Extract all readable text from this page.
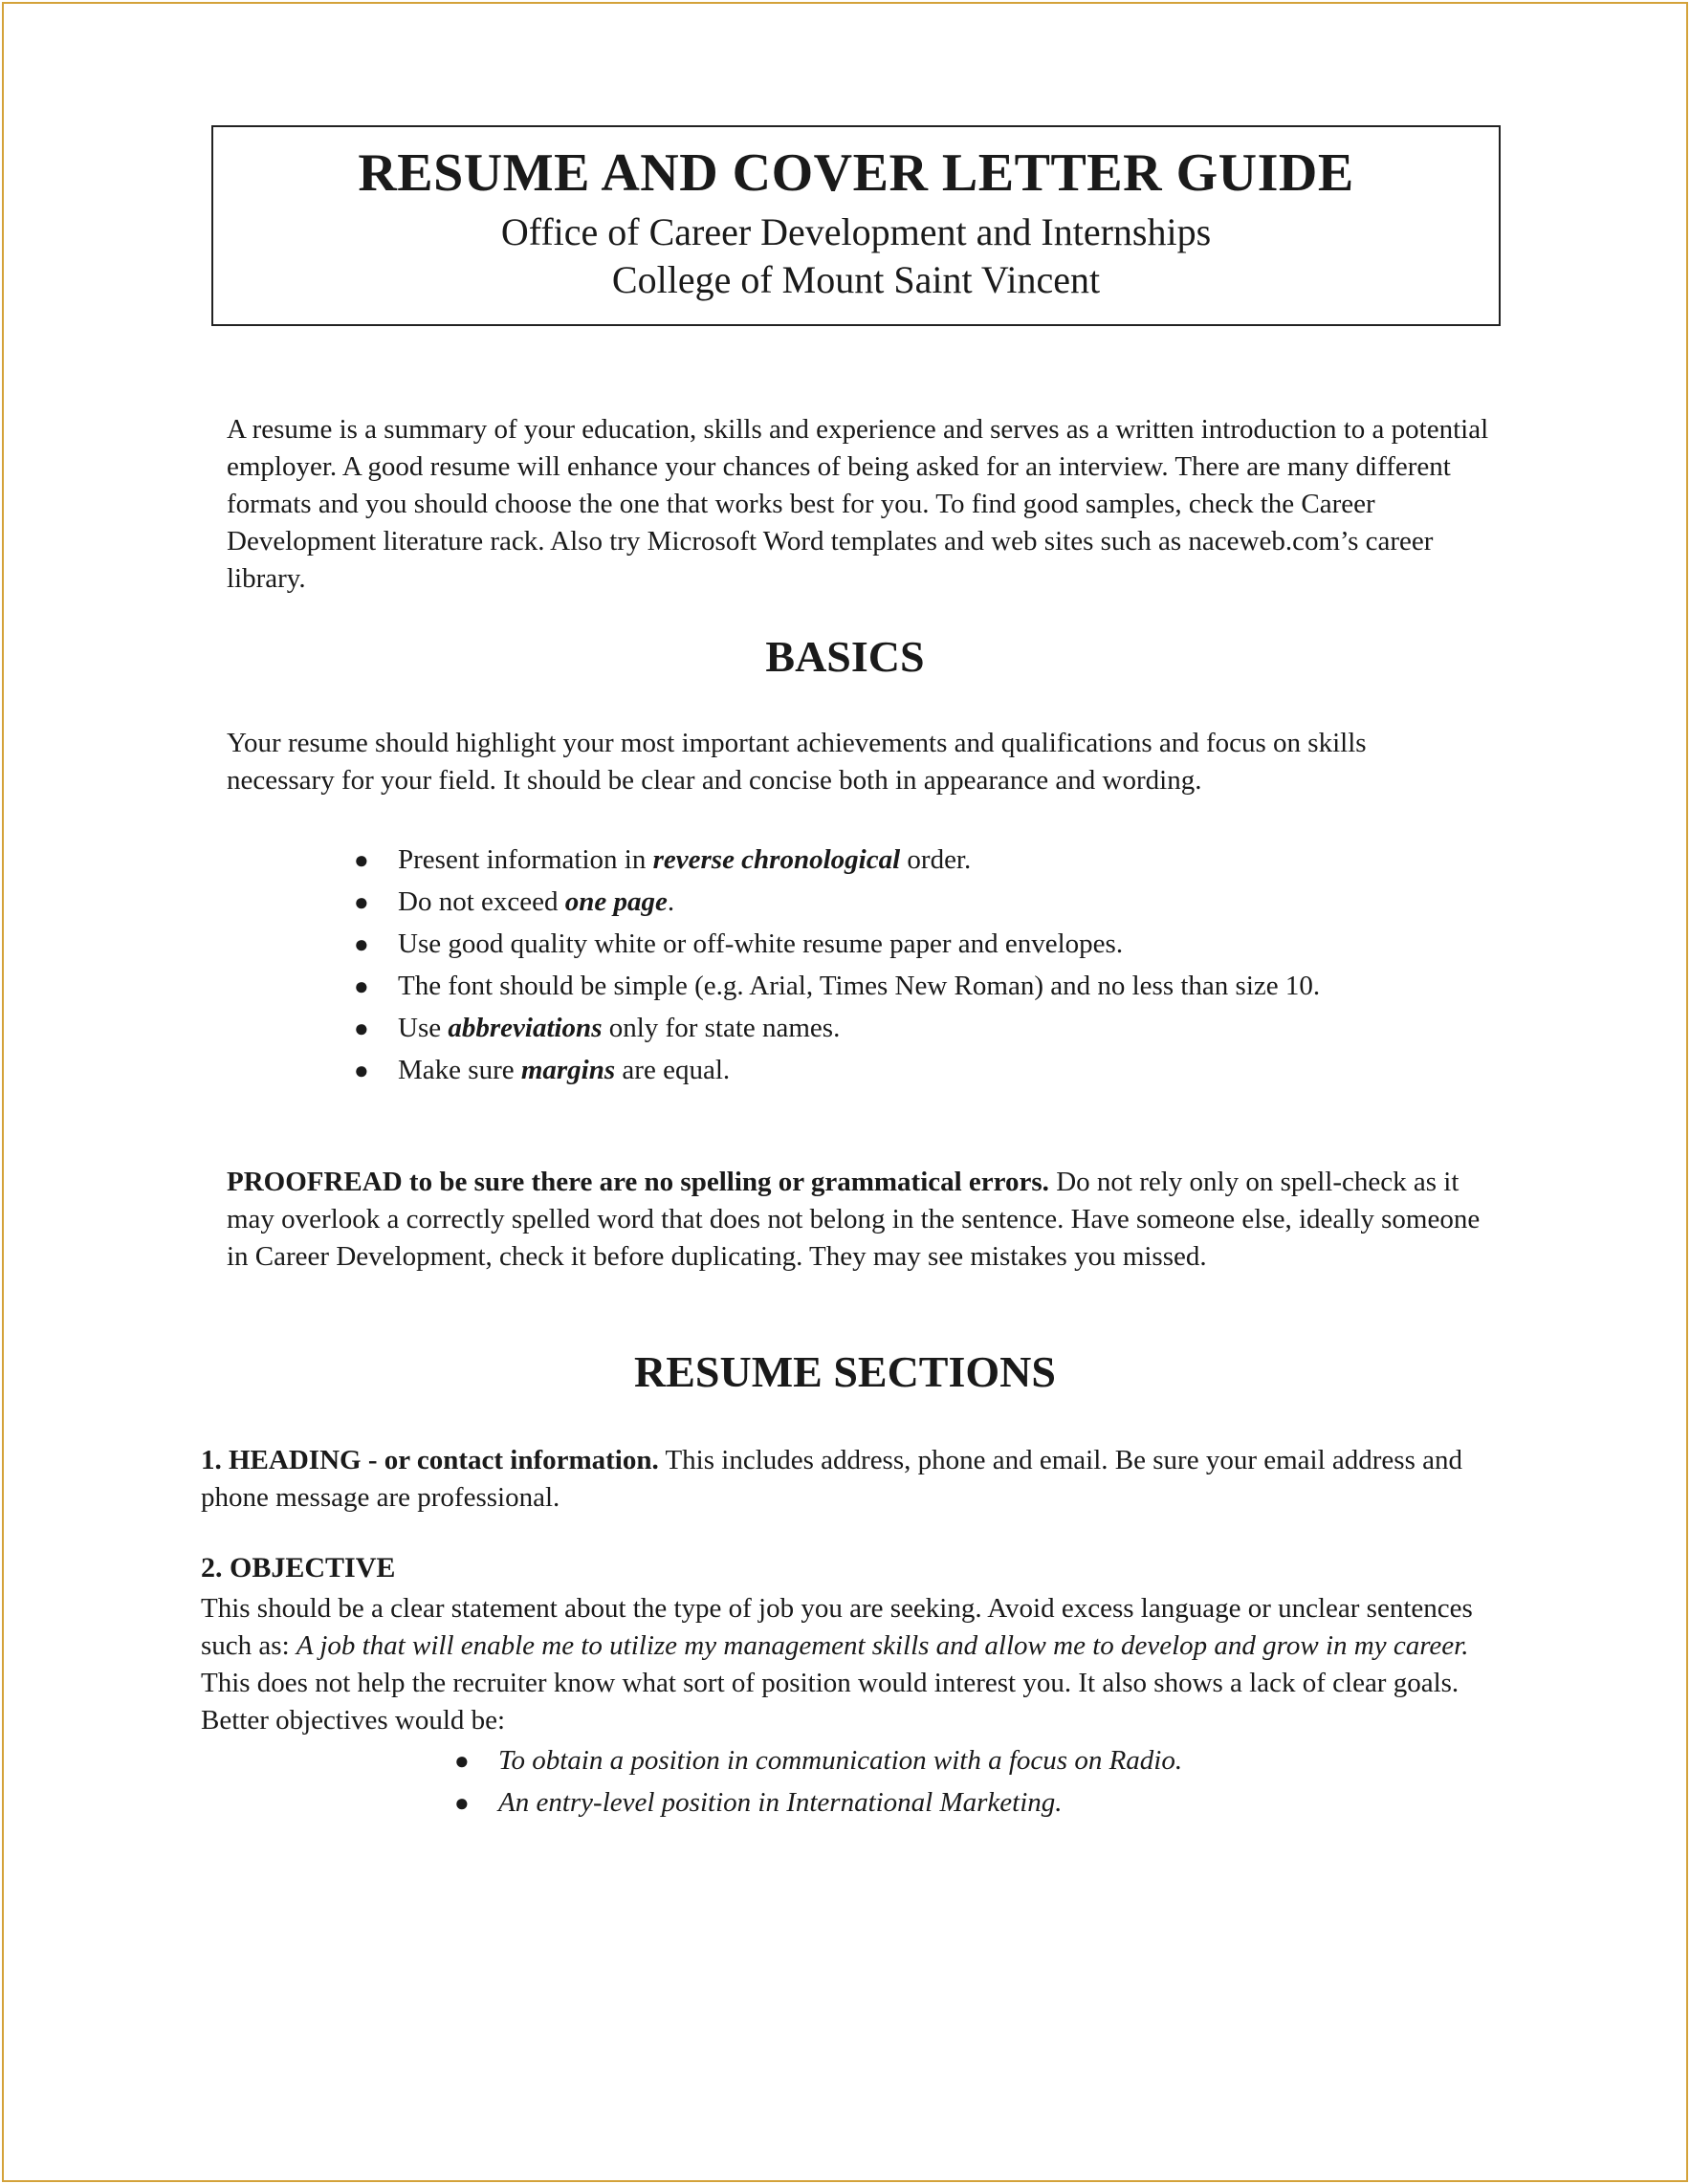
RESUME AND COVER LETTER GUIDE
Office of Career Development and Internships
College of Mount Saint Vincent

A resume is a summary of your education, skills and experience and serves as a written introduction to a potential employer. A good resume will enhance your chances of being asked for an interview. There are many different formats and you should choose the one that works best for you. To find good samples, check the Career Development literature rack. Also try Microsoft Word templates and web sites such as naceweb.com’s career library.

BASICS

Your resume should highlight your most important achievements and qualifications and focus on skills necessary for your field. It should be clear and concise both in appearance and wording.

● Present information in reverse chronological order.
● Do not exceed one page.
● Use good quality white or off-white resume paper and envelopes.
● The font should be simple (e.g. Arial, Times New Roman) and no less than size 10.
● Use abbreviations only for state names.
● Make sure margins are equal.

PROOFREAD to be sure there are no spelling or grammatical errors. Do not rely only on spell-check as it may overlook a correctly spelled word that does not belong in the sentence. Have someone else, ideally someone in Career Development, check it before duplicating. They may see mistakes you missed.

RESUME SECTIONS

1. HEADING - or contact information. This includes address, phone and email. Be sure your email address and phone message are professional.

2. OBJECTIVE

This should be a clear statement about the type of job you are seeking. Avoid excess language or unclear sentences such as: A job that will enable me to utilize my management skills and allow me to develop and grow in my career. This does not help the recruiter know what sort of position would interest you. It also shows a lack of clear goals. Better objectives would be:

● To obtain a position in communication with a focus on Radio.
● An entry-level position in International Marketing.
